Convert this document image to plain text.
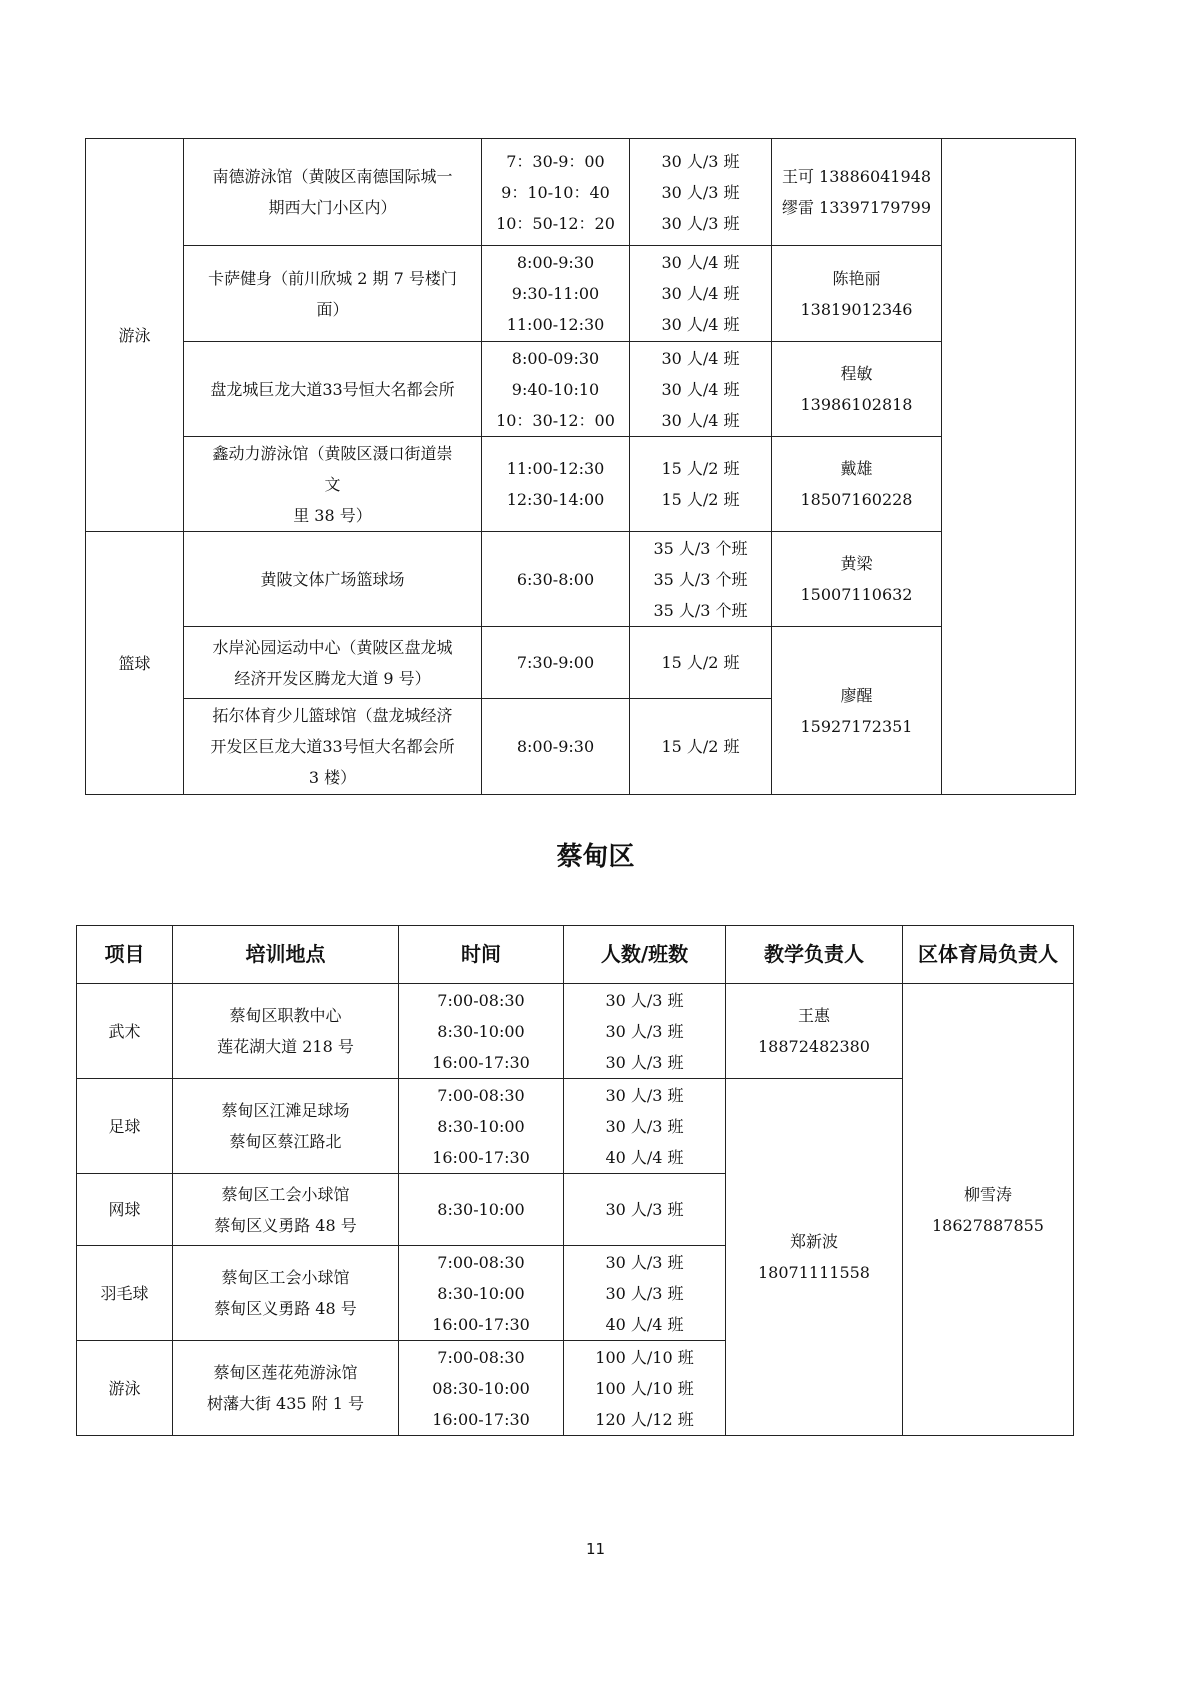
游泳	南德游泳馆（黄陂区南德国际城一
期西大门小区内）	7：30-9：00
9：10-10：40
10：50-12：20	30 人/3 班
30 人/3 班
30 人/3 班	王可 13886041948
缪雷 13397179799	

	卡萨健身（前川欣城 2 期 7 号楼门
面）	8:00-9:30
9:30-11:00
11:00-12:30	30 人/4 班
30 人/4 班
30 人/4 班	陈艳丽
13819012346	

	盘龙城巨龙大道33号恒大名都会所	8:00-09:30
9:40-10:10
10：30-12：00	30 人/4 班
30 人/4 班
30 人/4 班	程敏
13986102818	

	鑫动力游泳馆（黄陂区滠口街道崇
文
里 38 号）	11:00-12:30
12:30-14:00	15 人/2 班
15 人/2 班	戴雄
18507160228	

篮球	黄陂文体广场篮球场	6:30-8:00	35 人/3 个班
35 人/3 个班
35 人/3 个班	黄梁
15007110632	

	水岸沁园运动中心（黄陂区盘龙城
经济开发区腾龙大道 9 号）	7:30-9:00	15 人/2 班	廖醒
15927172351	

	拓尔体育少儿篮球馆（盘龙城经济
开发区巨龙大道33号恒大名都会所
3 楼）	8:00-9:30	15 人/2 班		
蔡甸区
项目	培训地点	时间	人数/班数	教学负责人	区体育局负责人
武术	蔡甸区职教中心
莲花湖大道 218 号	7:00-08:30
8:30-10:00
16:00-17:30	30 人/3 班
30 人/3 班
30 人/3 班	王惠
18872482380	柳雪涛
18627887855

足球	蔡甸区江滩足球场
蔡甸区蔡江路北	7:00-08:30
8:30-10:00
16:00-17:30	30 人/3 班
30 人/3 班
40 人/4 班	郑新波
18071111558	

网球	蔡甸区工会小球馆
蔡甸区义勇路 48 号	8:30-10:00	30 人/3 班		

羽毛球	蔡甸区工会小球馆
蔡甸区义勇路 48 号	7:00-08:30
8:30-10:00
16:00-17:30	30 人/3 班
30 人/3 班
40 人/4 班		

游泳	蔡甸区莲花苑游泳馆
树藩大街 435 附 1 号	7:00-08:30
08:30-10:00
16:00-17:30	100 人/10 班
100 人/10 班
120 人/12 班		
11
